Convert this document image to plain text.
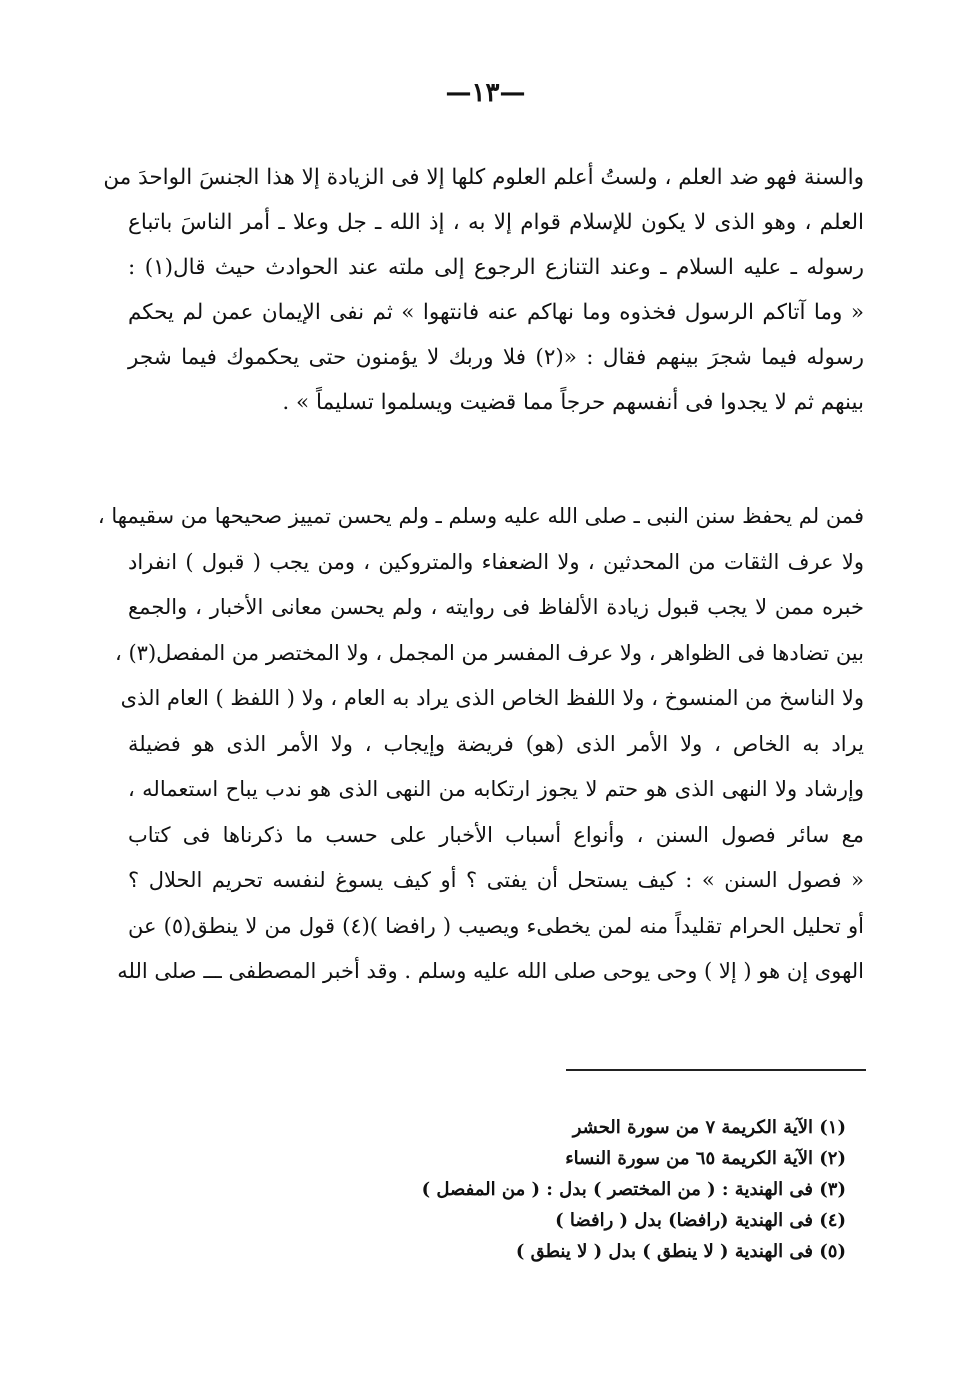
—١٣—
والسنة فهو ضد العلم ، ولستُ أعلم العلوم كلها إلا فى الزيادة إلا هذا الجنسَ الواحدَ من
العلم ، وهو الذى لا يكون للإسلام قوام إلا به ، إذ الله ـ جل وعلا ـ أمر الناسَ باتباع
رسوله ـ عليه السلام ـ وعند التنازع الرجوع إلى ملته عند الحوادث حيث قال(١) :
« وما آتاكم الرسول فخذوه وما نهاكم عنه فانتهوا » ثم نفى الإيمان عمن لم يحكم
رسوله فيما شجرَ بينهم فقال : «(٢) فلا وربك لا يؤمنون حتى يحكموك فيما شجر
بينهم ثم لا يجدوا فى أنفسهم حرجاً مما قضيت ويسلموا تسليماً » .
فمن لم يحفظ سنن النبى ـ صلى الله عليه وسلم ـ ولم يحسن تمييز صحيحها من سقيمها ،
ولا عرف الثقات من المحدثين ، ولا الضعفاء والمتروكين ، ومن يجب ( قبول ) انفراد
خبره ممن لا يجب قبول زيادة الألفاظ فى روايته ، ولم يحسن معانى الأخبار ، والجمع
بين تضادها فى الظواهر ، ولا عرف المفسر من المجمل ، ولا المختصر من المفصل(٣) ،
ولا الناسخ من المنسوخ ، ولا اللفظ الخاص الذى يراد به العام ، ولا ( اللفظ ) العام الذى
يراد به الخاص ، ولا الأمر الذى (هو) فريضة وإيجاب ، ولا الأمر الذى هو فضيلة
وإرشاد ولا النهى الذى هو حتم لا يجوز ارتكابه من النهى الذى هو ندب يباح استعماله ،
مع سائر فصول السنن ، وأنواع أسباب الأخبار على حسب ما ذكرناها فى كتاب
« فصول السنن » : كيف يستحل أن يفتى ؟ أو كيف يسوغ لنفسه تحريم الحلال ؟
أو تحليل الحرام تقليداً منه لمن يخطىء ويصيب ( رافضا )(٤) قول من لا ينطق(٥) عن
الهوى إن هو ( إلا ) وحى يوحى صلى الله عليه وسلم . وقد أخبر المصطفى ـــ صلى الله
(١) الآية الكريمة ٧ من سورة الحشر
(٢) الآية الكريمة ٦٥ من سورة النساء
(٣) فى الهندية : ( من المختصر ) بدل : ( من المفصل )
(٤) فى الهندية (رافضا) بدل ( رافضا )
(٥) فى الهندية ( لا ينطق ) بدل ( لا ينطق )
